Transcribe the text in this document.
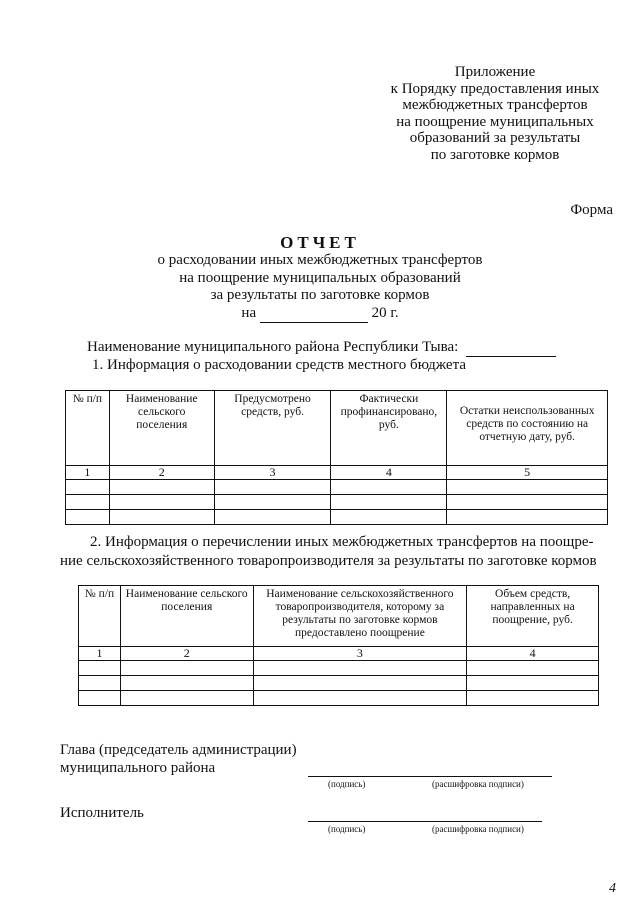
Приложение
к Порядку предоставления иных
межбюджетных трансфертов
на поощрение муниципальных
образований за результаты
по заготовке кормов
Форма
ОТЧЕТ
о расходовании иных межбюджетных трансфертов
на поощрение муниципальных образований
за результаты по заготовке кормов
на	20 г.
Наименование муниципального района Республики Тыва:
1. Информация о расходовании средств местного бюджета
№ п/п	Наименование сельского поселения	Предусмотрено средств, руб.	Фактически профинансировано, руб.	Остатки неиспользованных средств по состоянию на отчетную дату, руб.
1	2	3	4	5

2. Информация о перечислении иных межбюджетных трансфертов на поощре-
ние сельскохозяйственного товаропроизводителя за результаты по заготовке кормов
№ п/п	Наименование сельского поселения	Наименование сельскохозяйственного товаропроизводителя, которому за результаты по заготовке кормов предоставлено поощрение	Объем средств, направленных на поощрение, руб.
1	2	3	4

Глава (председатель администрации)
муниципального района
(подпись)	(расшифровка подписи)
Исполнитель
(подпись)	(расшифровка подписи)
4
